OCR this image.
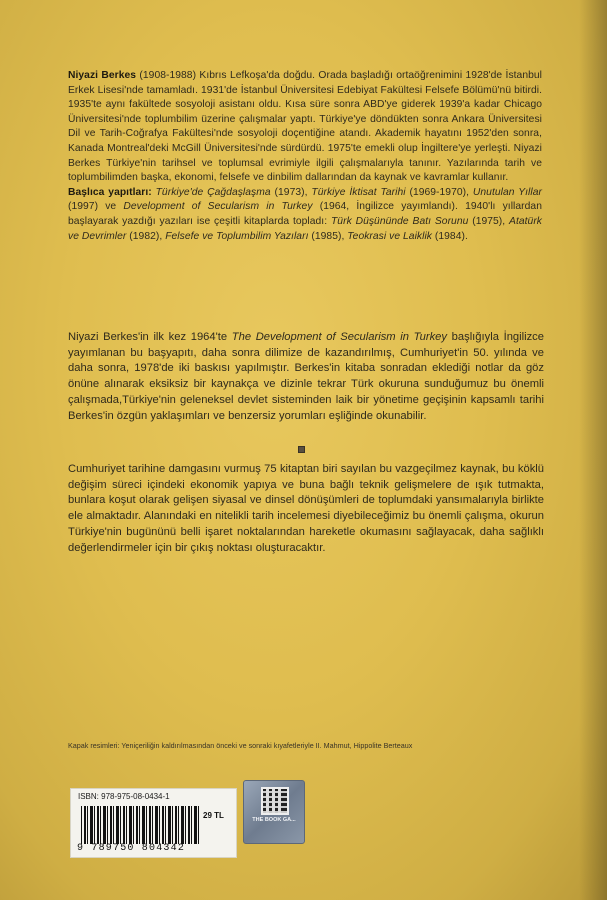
Niyazi Berkes (1908-1988) Kıbrıs Lefkoşa'da doğdu. Orada başladığı ortaöğrenimini 1928'de İstanbul Erkek Lisesi'nde tamamladı. 1931'de İstanbul Üniversitesi Edebiyat Fakültesi Felsefe Bölümü'nü bitirdi. 1935'te aynı fakültede sosyoloji asistanı oldu. Kısa süre sonra ABD'ye giderek 1939'a kadar Chicago Üniversitesi'nde toplumbilim üzerine çalışmalar yaptı. Türkiye'ye döndükten sonra Ankara Üniversitesi Dil ve Tarih-Coğrafya Fakültesi'nde sosyoloji doçentiğine atandı. Akademik hayatını 1952'den sonra, Kanada Montreal'deki McGill Üniversitesi'nde sürdürdü. 1975'te emekli olup İngiltere'ye yerleşti. Niyazi Berkes Türkiye'nin tarihsel ve toplumsal evrimiyle ilgili çalışmalarıyla tanınır. Yazılarında tarih ve toplumbilimden başka, ekonomi, felsefe ve dinbilim dallarından da kaynak ve kavramlar kullanır.
Başlıca yapıtları: Türkiye'de Çağdaşlaşma (1973), Türkiye İktisat Tarihi (1969-1970), Unutulan Yıllar (1997) ve Development of Secularism in Turkey (1964, İngilizce yayımlandı). 1940'lı yıllardan başlayarak yazdığı yazıları ise çeşitli kitaplarda topladı: Türk Düşününde Batı Sorunu (1975), Atatürk ve Devrimler (1982), Felsefe ve Toplumbilim Yazıları (1985), Teokrasi ve Laiklik (1984).
Niyazi Berkes'in ilk kez 1964'te The Development of Secularism in Turkey başlığıyla İngilizce yayımlanan bu başyapıtı, daha sonra dilimize de kazandırılmış, Cumhuriyet'in 50. yılında ve daha sonra, 1978'de iki baskısı yapılmıştır. Berkes'in kitaba sonradan eklediği notlar da göz önüne alınarak eksiksiz bir kaynakça ve dizinle tekrar Türk okuruna sunduğumuz bu önemli çalışmada,Türkiye'nin geleneksel devlet sisteminden laik bir yönetime geçişinin kapsamlı tarihi Berkes'in özgün yaklaşımları ve benzersiz yorumları eşliğinde okunabilir.
Cumhuriyet tarihine damgasını vurmuş 75 kitaptan biri sayılan bu vazgeçilmez kaynak, bu köklü değişim süreci içindeki ekonomik yapıya ve buna bağlı teknik gelişmelere de ışık tutmakta, bunlara koşut olarak gelişen siyasal ve dinsel dönüşümleri de toplumdaki yansımalarıyla birlikte ele almaktadır. Alanındaki en nitelikli tarih incelemesi diyebileceğimiz bu önemli çalışma, okurun Türkiye'nin bugününü belli işaret noktalarından hareketle okumasını sağlayacak, daha sağlıklı değerlendirmeler için bir çıkış noktası oluşturacaktır.
Kapak resimleri: Yeniçeriliğin kaldırılmasından önceki ve sonraki kıyafetleriyle II. Mahmut, Hippolite Berteaux
ISBN: 978-975-08-0434-1
9 789750 804342
29 TL	THE BOOK GA...
